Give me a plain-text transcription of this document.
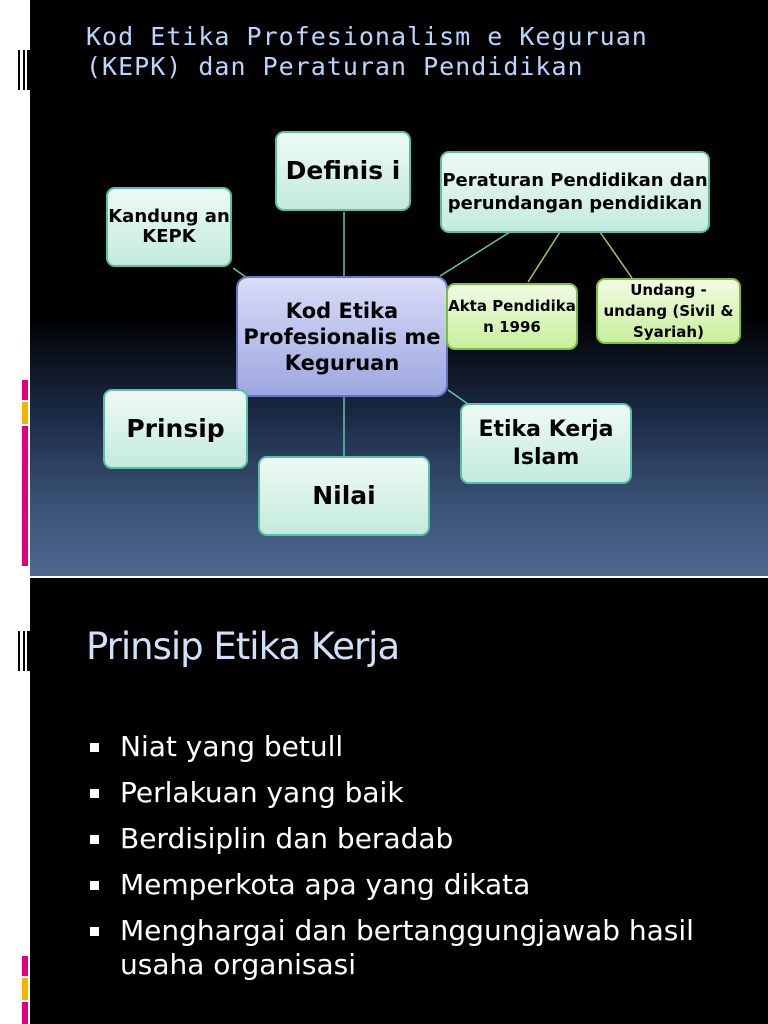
Kod Etika Profesionalism e Keguruan (KEPK) dan Peraturan Pendidikan
Definis i
Kandung an KEPK
Peraturan Pendidikan dan perundangan pendidikan
Kod Etika Profesionalis me Keguruan
Akta Pendidika n 1996
Undang - undang (Sivil & Syariah)
Prinsip	Etika Kerja Islam
Nilai
Prinsip Etika Kerja
Niat yang betull
Perlakuan yang baik
Berdisiplin dan beradab
Memperkota apa yang dikata
Menghargai dan bertanggungjawab hasil usaha organisasi
